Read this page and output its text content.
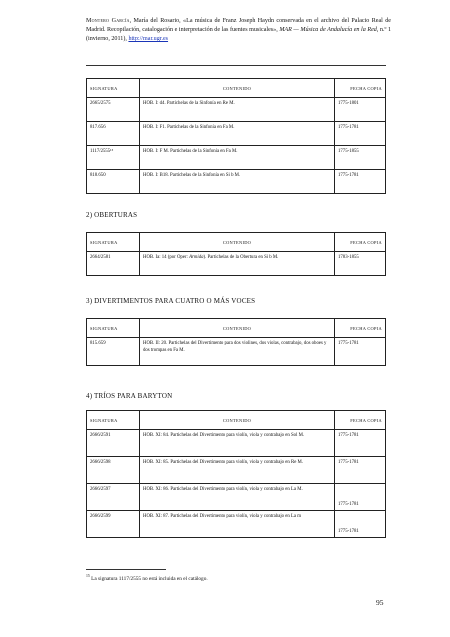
Montero García, María del Rosario, «La música de Franz Joseph Haydn conservada en el archivo del Palacio Real de Madrid. Recopilación, catalogación e interpretación de las fuentes musicales», MAR — Música de Andalucía en la Red, n.º 1 (invierno, 2011), http://mar.ugr.es
SIGNATURA	CONTENIDO	FECHA COPIA
2665/2575	HOB. I: d4. Partichelas de la Sinfonía en Re M.	1775-1801
817.656	HOB. I: F1. Partichelas de la Sinfonía en Fa M.	1775-1781
1117/2555¹⁵	HOB. I: F M. Partichelas de la Sinfonía en Fa M.	1775-1855
818.650	HOB. I: B18. Partichelas de la Sinfonía en Si b M.	1775-1781
2) OBERTURAS
SIGNATURA	CONTENIDO	FECHA COPIA
2664/2581	HOB. Ia: 14 (por Oper: Armida). Partichelas de la Obertura en Si b M.	1783-1855
3) DIVERTIMENTOS PARA CUATRO O MÁS VOCES
SIGNATURA	CONTENIDO	FECHA COPIA
815.659	HOB. II: 20. Partichelas del Divertimento para dos violines, dos violas, contrabajo, dos oboes y dos trompas en Fa M.	1775-1781
4) TRÍOS PARA BARYTON
SIGNATURA	CONTENIDO	FECHA COPIA
2666/2591	HOB. XI: 84. Partichelas del Divertimento para violín, viola y contrabajo en Sol M.	1775-1781
2666/2598	HOB. XI: 85. Partichelas del Divertimento para violín, viola y contrabajo en Re M.	1775-1781
2666/2597	HOB. XI: 86. Partichelas del Divertimento para violín, viola y contrabajo en La M.	1775-1781
2666/2599	HOB. XI: 87. Partichelas del Divertimento para violín, viola y contrabajo en La m	1775-1781
$^{15}$ La signatura 1117/2555 no está incluida en el catálogo.
95
